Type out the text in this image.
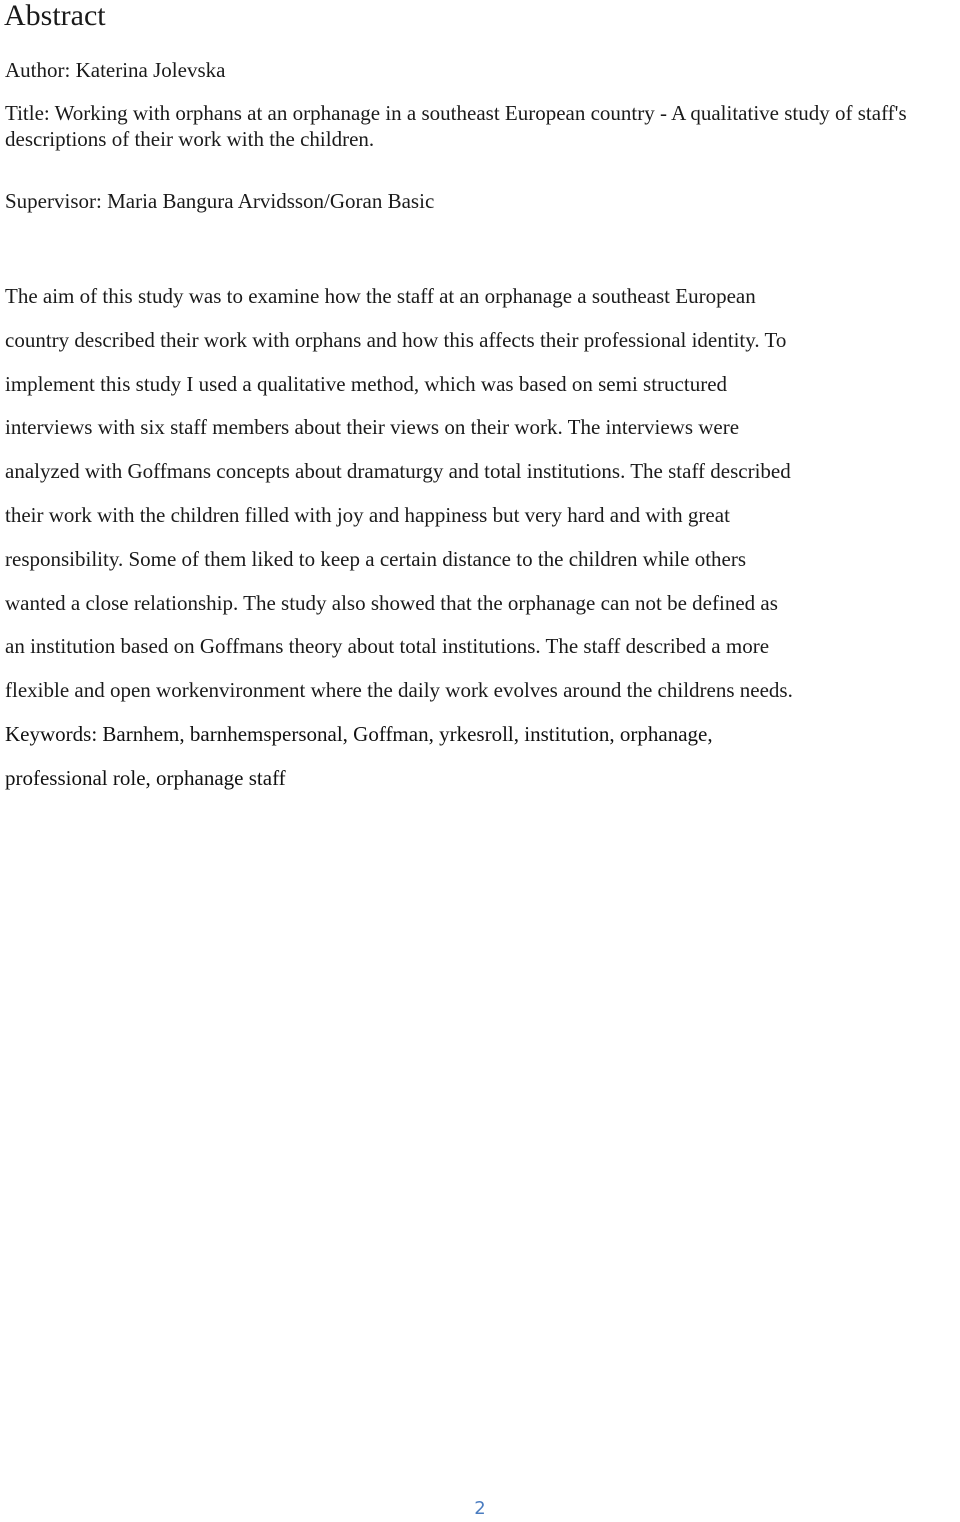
Abstract

Author: Katerina Jolevska

Title: Working with orphans at an orphanage in a southeast European country - A qualitative study of staff's descriptions of their work with the children.

Supervisor: Maria Bangura Arvidsson/Goran Basic

The aim of this study was to examine how the staff at an orphanage a southeast European
country described their work with orphans and how this affects their professional identity. To
implement this study I used a qualitative method, which was based on semi structured
interviews with six staff members about their views on their work. The interviews were
analyzed with Goffmans concepts about dramaturgy and total institutions. The staff described
their work with the children filled with joy and happiness but very hard and with great
responsibility. Some of them liked to keep a certain distance to the children while others
wanted a close relationship. The study also showed that the orphanage can not be defined as
an institution based on Goffmans theory about total institutions. The staff described a more
flexible and open workenvironment where the daily work evolves around the childrens needs.
Keywords: Barnhem, barnhemspersonal, Goffman, yrkesroll, institution, orphanage,
professional role, orphanage staff

2
